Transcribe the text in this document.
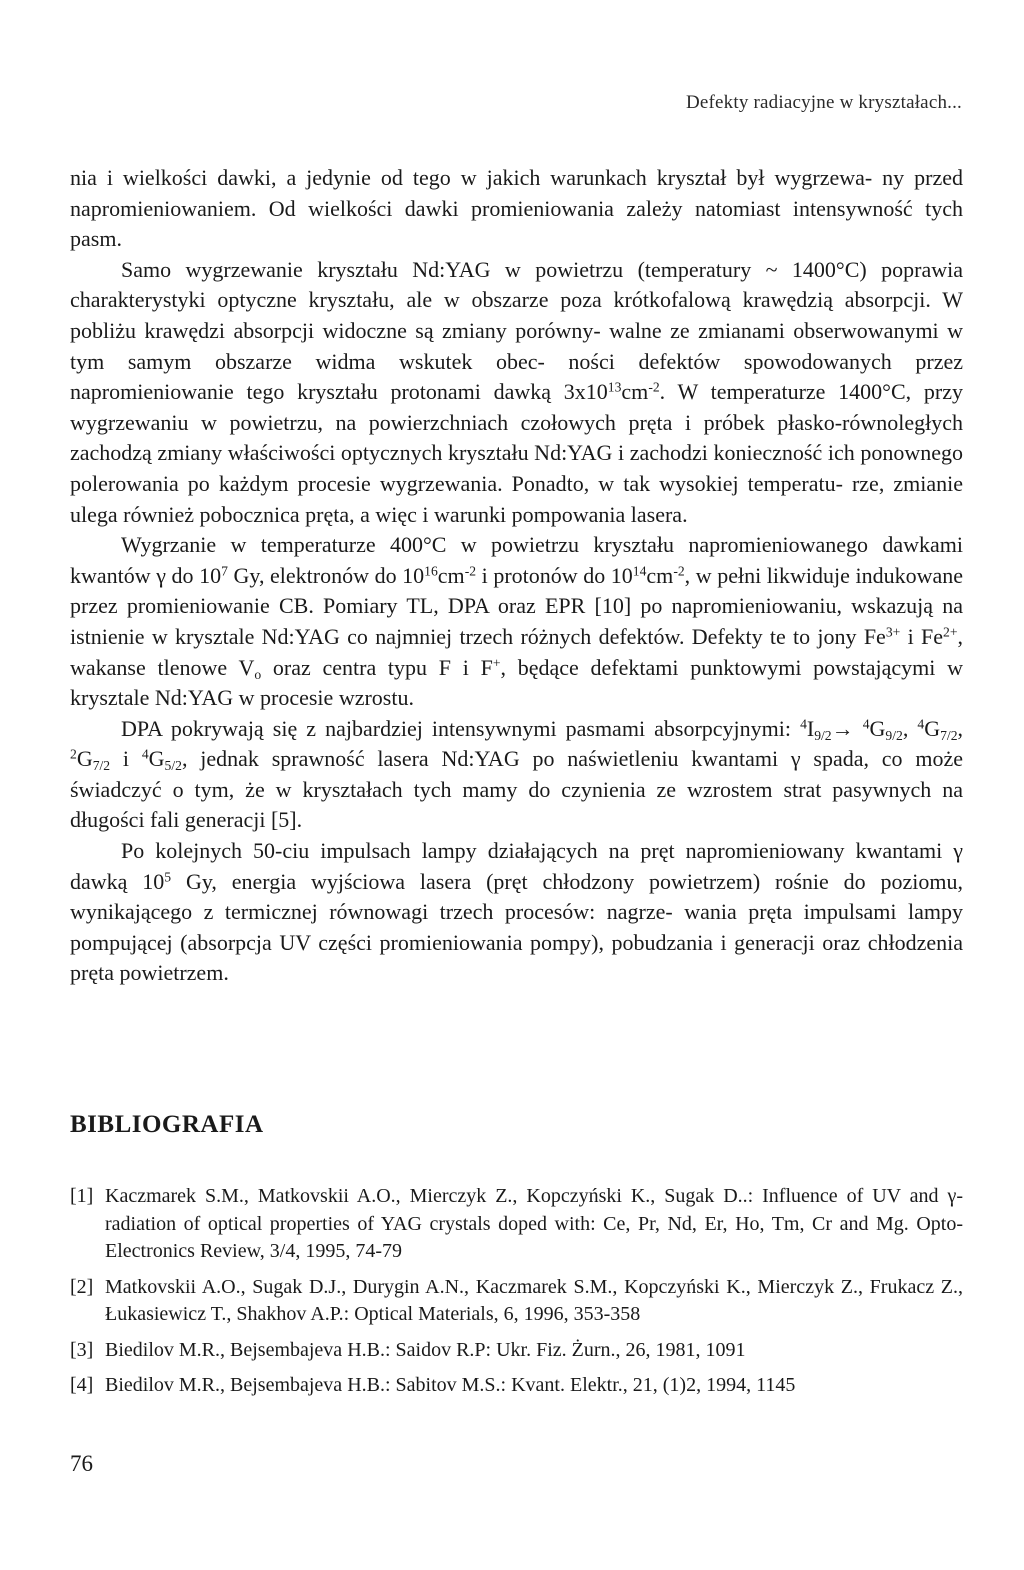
Defekty radiacyjne w kryształach...

nia i wielkości dawki, a jedynie od tego w jakich warunkach kryształ był wygrzewa- ny przed napromieniowaniem. Od wielkości dawki promieniowania zależy natomiast intensywność tych pasm.

Samo wygrzewanie kryształu Nd:YAG w powietrzu (temperatury ~ 1400°C) poprawia charakterystyki optyczne kryształu, ale w obszarze poza krótkofalową krawędzią absorpcji. W pobliżu krawędzi absorpcji widoczne są zmiany porówny- walne ze zmianami obserwowanymi w tym samym obszarze widma wskutek obec- ności defektów spowodowanych przez napromieniowanie tego kryształu protonami dawką $3x10^{13}cm^{-2}$. W temperaturze 1400°C, przy wygrzewaniu w powietrzu, na powierzchniach czołowych pręta i próbek płasko-równoległych zachodzą zmiany właściwości optycznych kryształu Nd:YAG i zachodzi konieczność ich ponownego polerowania po każdym procesie wygrzewania. Ponadto, w tak wysokiej temperatu- rze, zmianie ulega również pobocznica pręta, a więc i warunki pompowania lasera.

Wygrzanie w temperaturze 400°C w powietrzu kryształu napromieniowanego dawkami kwantów γ do $10^7$ Gy, elektronów do $10^{16}cm^{-2}$ i protonów do $10^{14}cm^{-2}$, w pełni likwiduje indukowane przez promieniowanie CB. Pomiary TL, DPA oraz EPR [10] po napromieniowaniu, wskazują na istnienie w krysztale Nd:YAG co najmniej trzech różnych defektów. Defekty te to jony $Fe^{3+}$ i $Fe^{2+}$, wakanse tlenowe $V_o$ oraz centra typu F i F+, będące defektami punktowymi powstającymi w krysztale Nd:YAG w procesie wzrostu.

DPA pokrywają się z najbardziej intensywnymi pasmami absorpcyjnymi: $^4I_{9/2}\to ^4G_{9/2}$, $^4G_{7/2}$, $^2G_{7/2}$ i $^4G_{5/2}$, jednak sprawność lasera Nd:YAG po naświetleniu kwantami γ spada, co może świadczyć o tym, że w kryształach tych mamy do czynienia ze wzrostem strat pasywnych na długości fali generacji [5].

Po kolejnych 50-ciu impulsach lampy działających na pręt napromieniowany kwantami γ dawką $10^5$ Gy, energia wyjściowa lasera (pręt chłodzony powietrzem) rośnie do poziomu, wynikającego z termicznej równowagi trzech procesów: nagrze- wania pręta impulsami lampy pompującej (absorpcja UV części promieniowania pompy), pobudzania i generacji oraz chłodzenia pręta powietrzem.

BIBLIOGRAFIA
[1] Kaczmarek S.M., Matkovskii A.O., Mierczyk Z., Kopczyński K., Sugak D..: Influence of UV and γ-radiation of optical properties of YAG crystals doped with: Ce, Pr, Nd, Er, Ho, Tm, Cr and Mg. Opto-Electronics Review, 3/4, 1995, 74-79
[2] Matkovskii A.O., Sugak D.J., Durygin A.N., Kaczmarek S.M., Kopczyński K., Mierczyk Z., Frukacz Z., Łukasiewicz T., Shakhov A.P.: Optical Materials, 6, 1996, 353-358
[3] Biedilov M.R., Bejsembajeva H.B.: Saidov R.P: Ukr. Fiz. Żurn., 26, 1981, 1091
[4] Biedilov M.R., Bejsembajeva H.B.: Sabitov M.S.: Kvant. Elektr., 21, (1)2, 1994, 1145
76
